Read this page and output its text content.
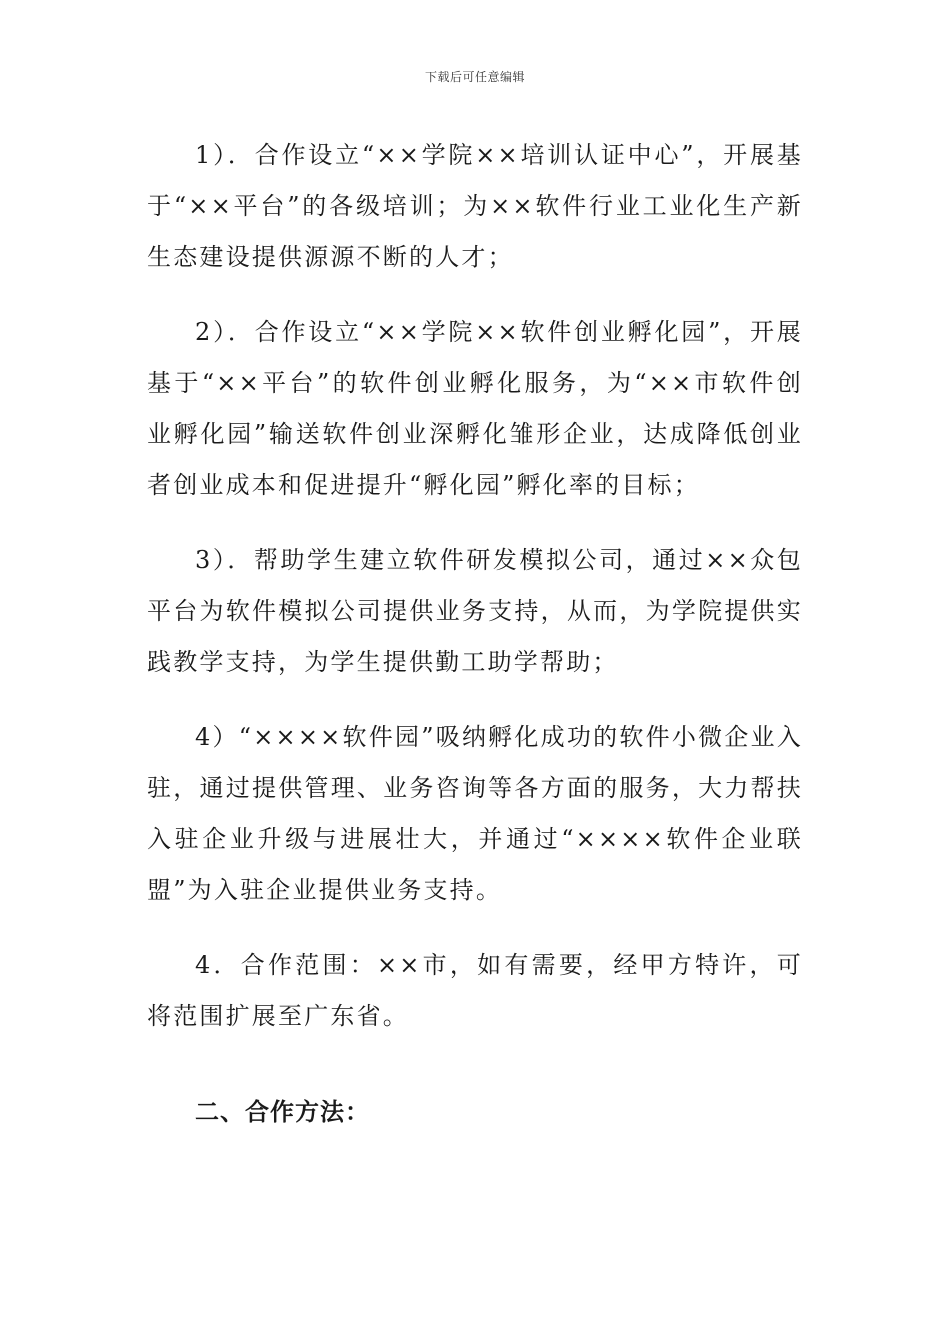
下载后可任意编辑

1）．合作设立“××学院××培训认证中心”，开展基于“××平台”的各级培训；为××软件行业工业化生产新生态建设提供源源不断的人才；

2）．合作设立“××学院××软件创业孵化园”，开展基于“××平台”的软件创业孵化服务，为“××市软件创业孵化园”输送软件创业深孵化雏形企业，达成降低创业者创业成本和促进提升“孵化园”孵化率的目标；

3）．帮助学生建立软件研发模拟公司，通过××众包平台为软件模拟公司提供业务支持，从而，为学院提供实践教学支持，为学生提供勤工助学帮助；

4）“××××软件园”吸纳孵化成功的软件小微企业入驻，通过提供管理、业务咨询等各方面的服务，大力帮扶入驻企业升级与进展壮大，并通过“××××软件企业联盟”为入驻企业提供业务支持。

4．合作范围：××市，如有需要，经甲方特许，可将范围扩展至广东省。

二、合作方法：
